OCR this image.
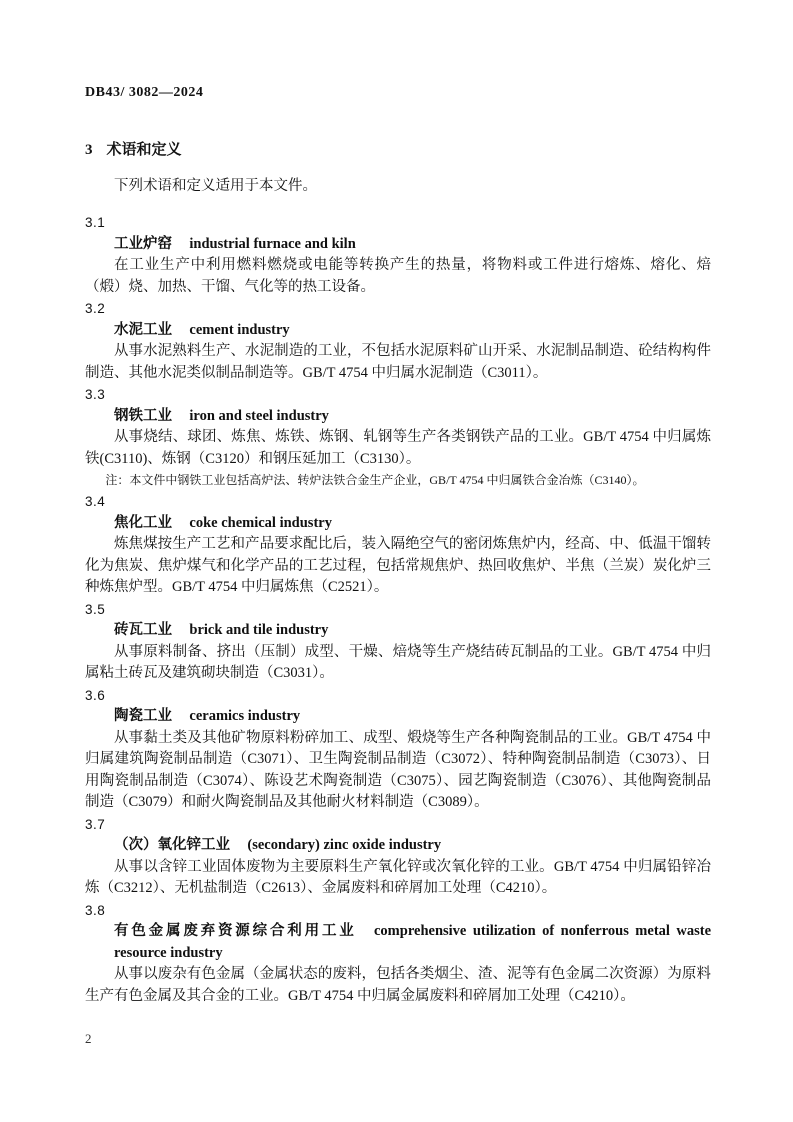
DB43/ 3082—2024
3 术语和定义

下列术语和定义适用于本文件。

3.1
工业炉窑 industrial furnace and kiln

在工业生产中利用燃料燃烧或电能等转换产生的热量，将物料或工件进行熔炼、熔化、焙（煅）烧、加热、干馏、气化等的热工设备。

3.2
水泥工业 cement industry

从事水泥熟料生产、水泥制造的工业，不包括水泥原料矿山开采、水泥制品制造、砼结构构件制造、其他水泥类似制品制造等。GB/T 4754 中归属水泥制造（C3011）。

3.3
钢铁工业 iron and steel industry

从事烧结、球团、炼焦、炼铁、炼钢、轧钢等生产各类钢铁产品的工业。GB/T 4754 中归属炼铁(C3110)、炼钢（C3120）和钢压延加工（C3130）。

注：本文件中钢铁工业包括高炉法、转炉法铁合金生产企业，GB/T 4754 中归属铁合金冶炼（C3140）。
3.4
焦化工业 coke chemical industry

炼焦煤按生产工艺和产品要求配比后，装入隔绝空气的密闭炼焦炉内，经高、中、低温干馏转化为焦炭、焦炉煤气和化学产品的工艺过程，包括常规焦炉、热回收焦炉、半焦（兰炭）炭化炉三种炼焦炉型。GB/T 4754 中归属炼焦（C2521）。

3.5
砖瓦工业 brick and tile industry

从事原料制备、挤出（压制）成型、干燥、焙烧等生产烧结砖瓦制品的工业。GB/T 4754 中归属粘土砖瓦及建筑砌块制造（C3031）。

3.6
陶瓷工业 ceramics industry

从事黏土类及其他矿物原料粉碎加工、成型、煅烧等生产各种陶瓷制品的工业。GB/T 4754 中归属建筑陶瓷制品制造（C3071）、卫生陶瓷制品制造（C3072）、特种陶瓷制品制造（C3073）、日用陶瓷制品制造（C3074）、陈设艺术陶瓷制造（C3075）、园艺陶瓷制造（C3076）、其他陶瓷制品制造（C3079）和耐火陶瓷制品及其他耐火材料制造（C3089）。

3.7
（次）氧化锌工业 (secondary) zinc oxide industry

从事以含锌工业固体废物为主要原料生产氧化锌或次氧化锌的工业。GB/T 4754 中归属铅锌冶炼（C3212）、无机盐制造（C2613）、金属废料和碎屑加工处理（C4210）。

3.8
有色金属废弃资源综合利用工业 comprehensive utilization of nonferrous metal waste resource industry

从事以废杂有色金属（金属状态的废料，包括各类烟尘、渣、泥等有色金属二次资源）为原料生产有色金属及其合金的工业。GB/T 4754 中归属金属废料和碎屑加工处理（C4210）。

2
